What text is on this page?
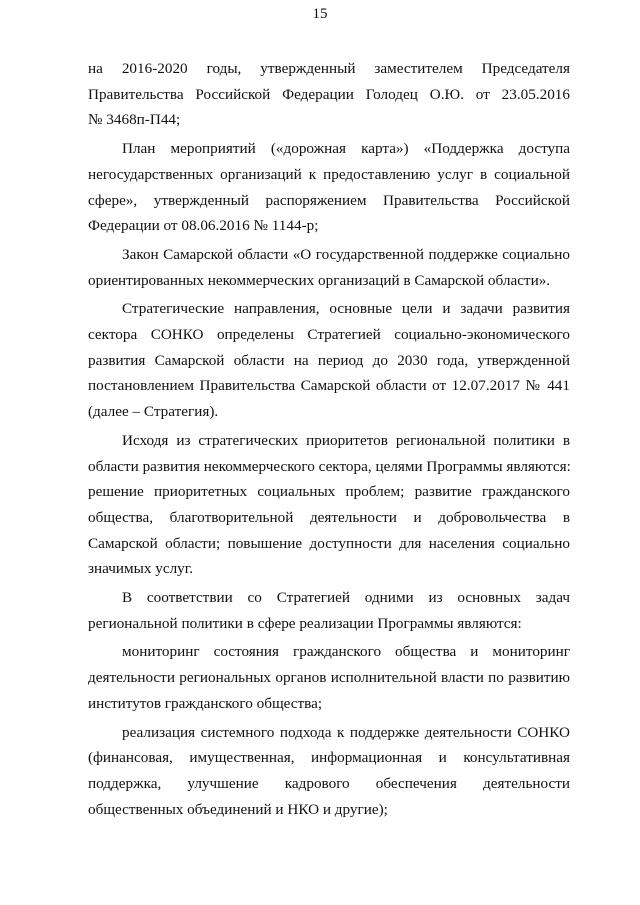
15
на 2016-2020 годы, утвержденный заместителем Председателя
Правительства Российской Федерации Голодец О.Ю. от 23.05.2016
№ 3468п-П44;
План мероприятий («дорожная карта») «Поддержка доступа
негосударственных организаций к предоставлению услуг в социальной
сфере», утвержденный распоряжением Правительства Российской
Федерации от 08.06.2016 № 1144-р;
Закон Самарской области «О государственной поддержке социально
ориентированных некоммерческих организаций в Самарской области».
Стратегические направления, основные цели и задачи развития
сектора СОНКО определены Стратегией социально-экономического
развития Самарской области на период до 2030 года, утвержденной
постановлением Правительства Самарской области от 12.07.2017 № 441
(далее – Стратегия).
Исходя из стратегических приоритетов региональной политики в
области развития некоммерческого сектора, целями Программы являются:
решение приоритетных социальных проблем; развитие гражданского
общества, благотворительной деятельности и добровольчества в
Самарской области; повышение доступности для населения социально
значимых услуг.
В соответствии со Стратегией одними из основных задач
региональной политики в сфере реализации Программы являются:
мониторинг состояния гражданского общества и мониторинг
деятельности региональных органов исполнительной власти по развитию
институтов гражданского общества;
реализация системного подхода к поддержке деятельности СОНКО
(финансовая, имущественная, информационная и консультативная
поддержка, улучшение кадрового обеспечения деятельности
общественных объединений и НКО и другие);
